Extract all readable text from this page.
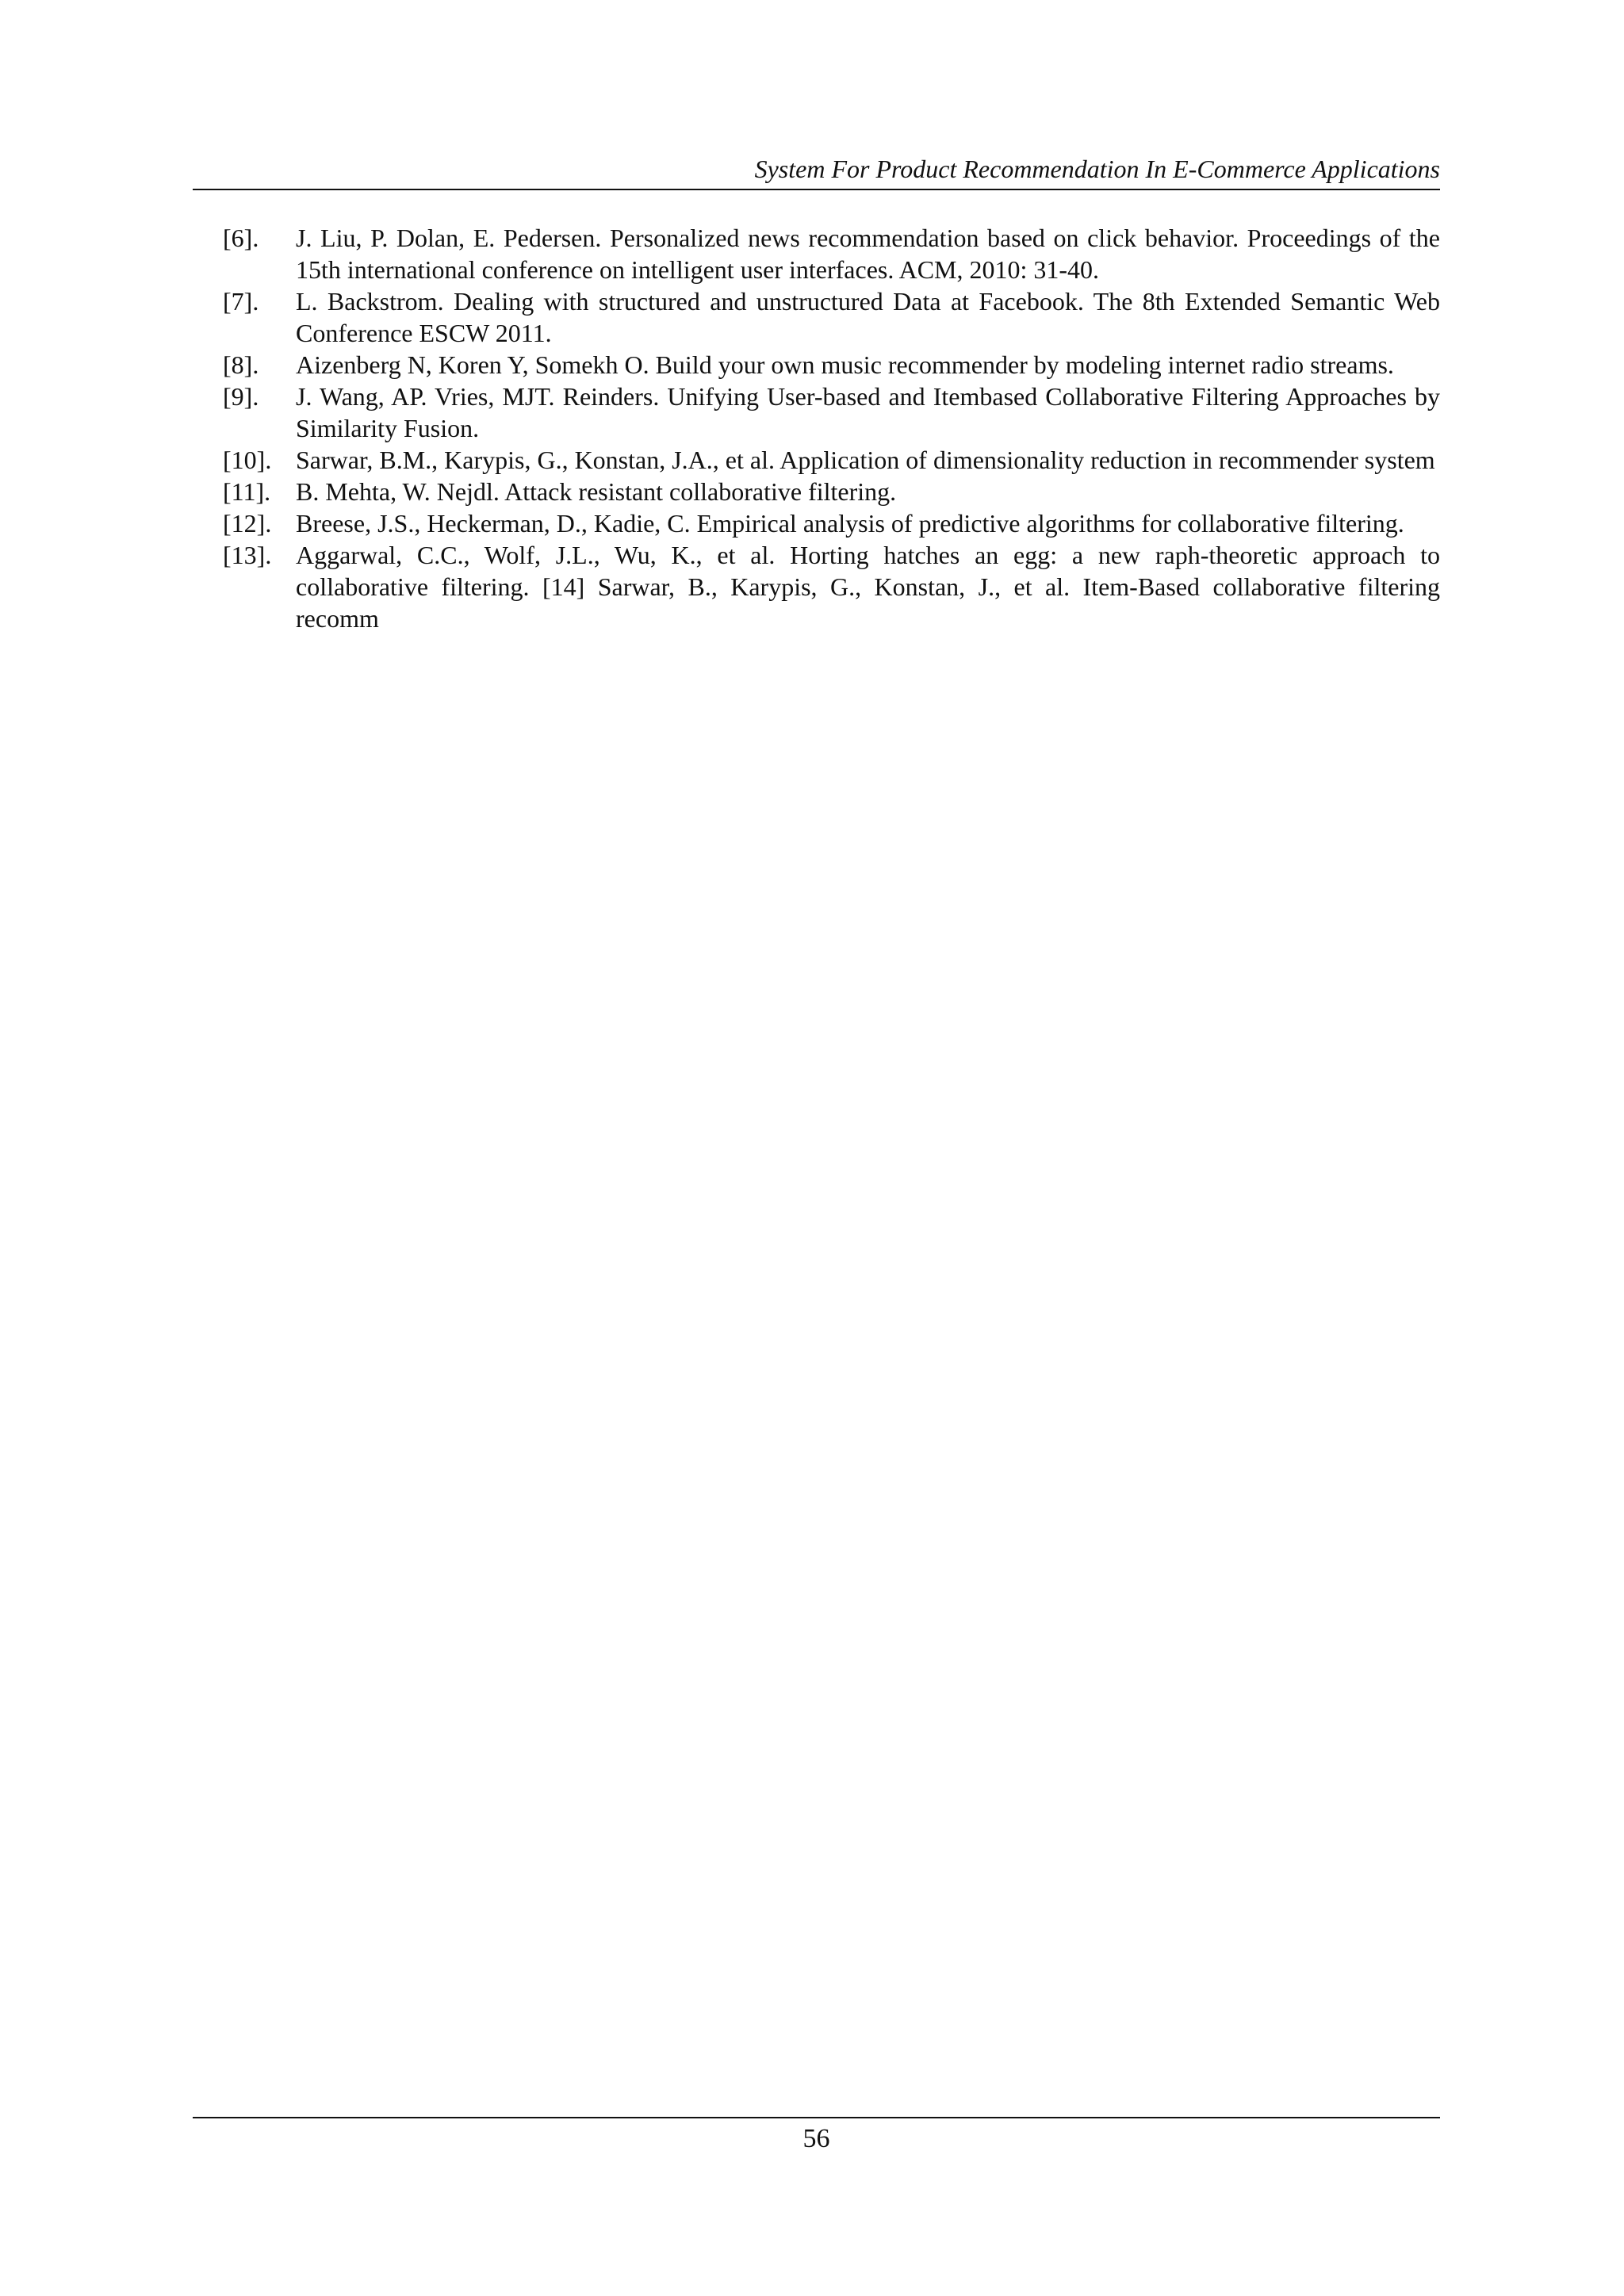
System For Product Recommendation In E-Commerce Applications
[6].	J. Liu, P. Dolan, E. Pedersen. Personalized news recommendation based on click behavior. Proceedings of the 15th international conference on intelligent user interfaces. ACM, 2010: 31-40.
[7].	L. Backstrom. Dealing with structured and unstructured Data at Facebook. The 8th Extended Semantic Web Conference ESCW 2011.
[8].	Aizenberg N, Koren Y, Somekh O. Build your own music recommender by modeling internet radio streams.
[9].	J. Wang, AP. Vries, MJT. Reinders. Unifying User-based and Itembased Collaborative Filtering Approaches by Similarity Fusion.
[10]. Sarwar, B.M., Karypis, G., Konstan, J.A., et al. Application of dimensionality reduction in recommender system
[11]. B. Mehta, W. Nejdl. Attack resistant collaborative filtering.
[12]. Breese, J.S., Heckerman, D., Kadie, C. Empirical analysis of predictive algorithms for collaborative filtering.
[13]. Aggarwal, C.C., Wolf, J.L., Wu, K., et al. Horting hatches an egg: a new raph-theoretic approach to collaborative filtering. [14] Sarwar, B., Karypis, G., Konstan, J., et al. Item-Based collaborative filtering recomm
56
